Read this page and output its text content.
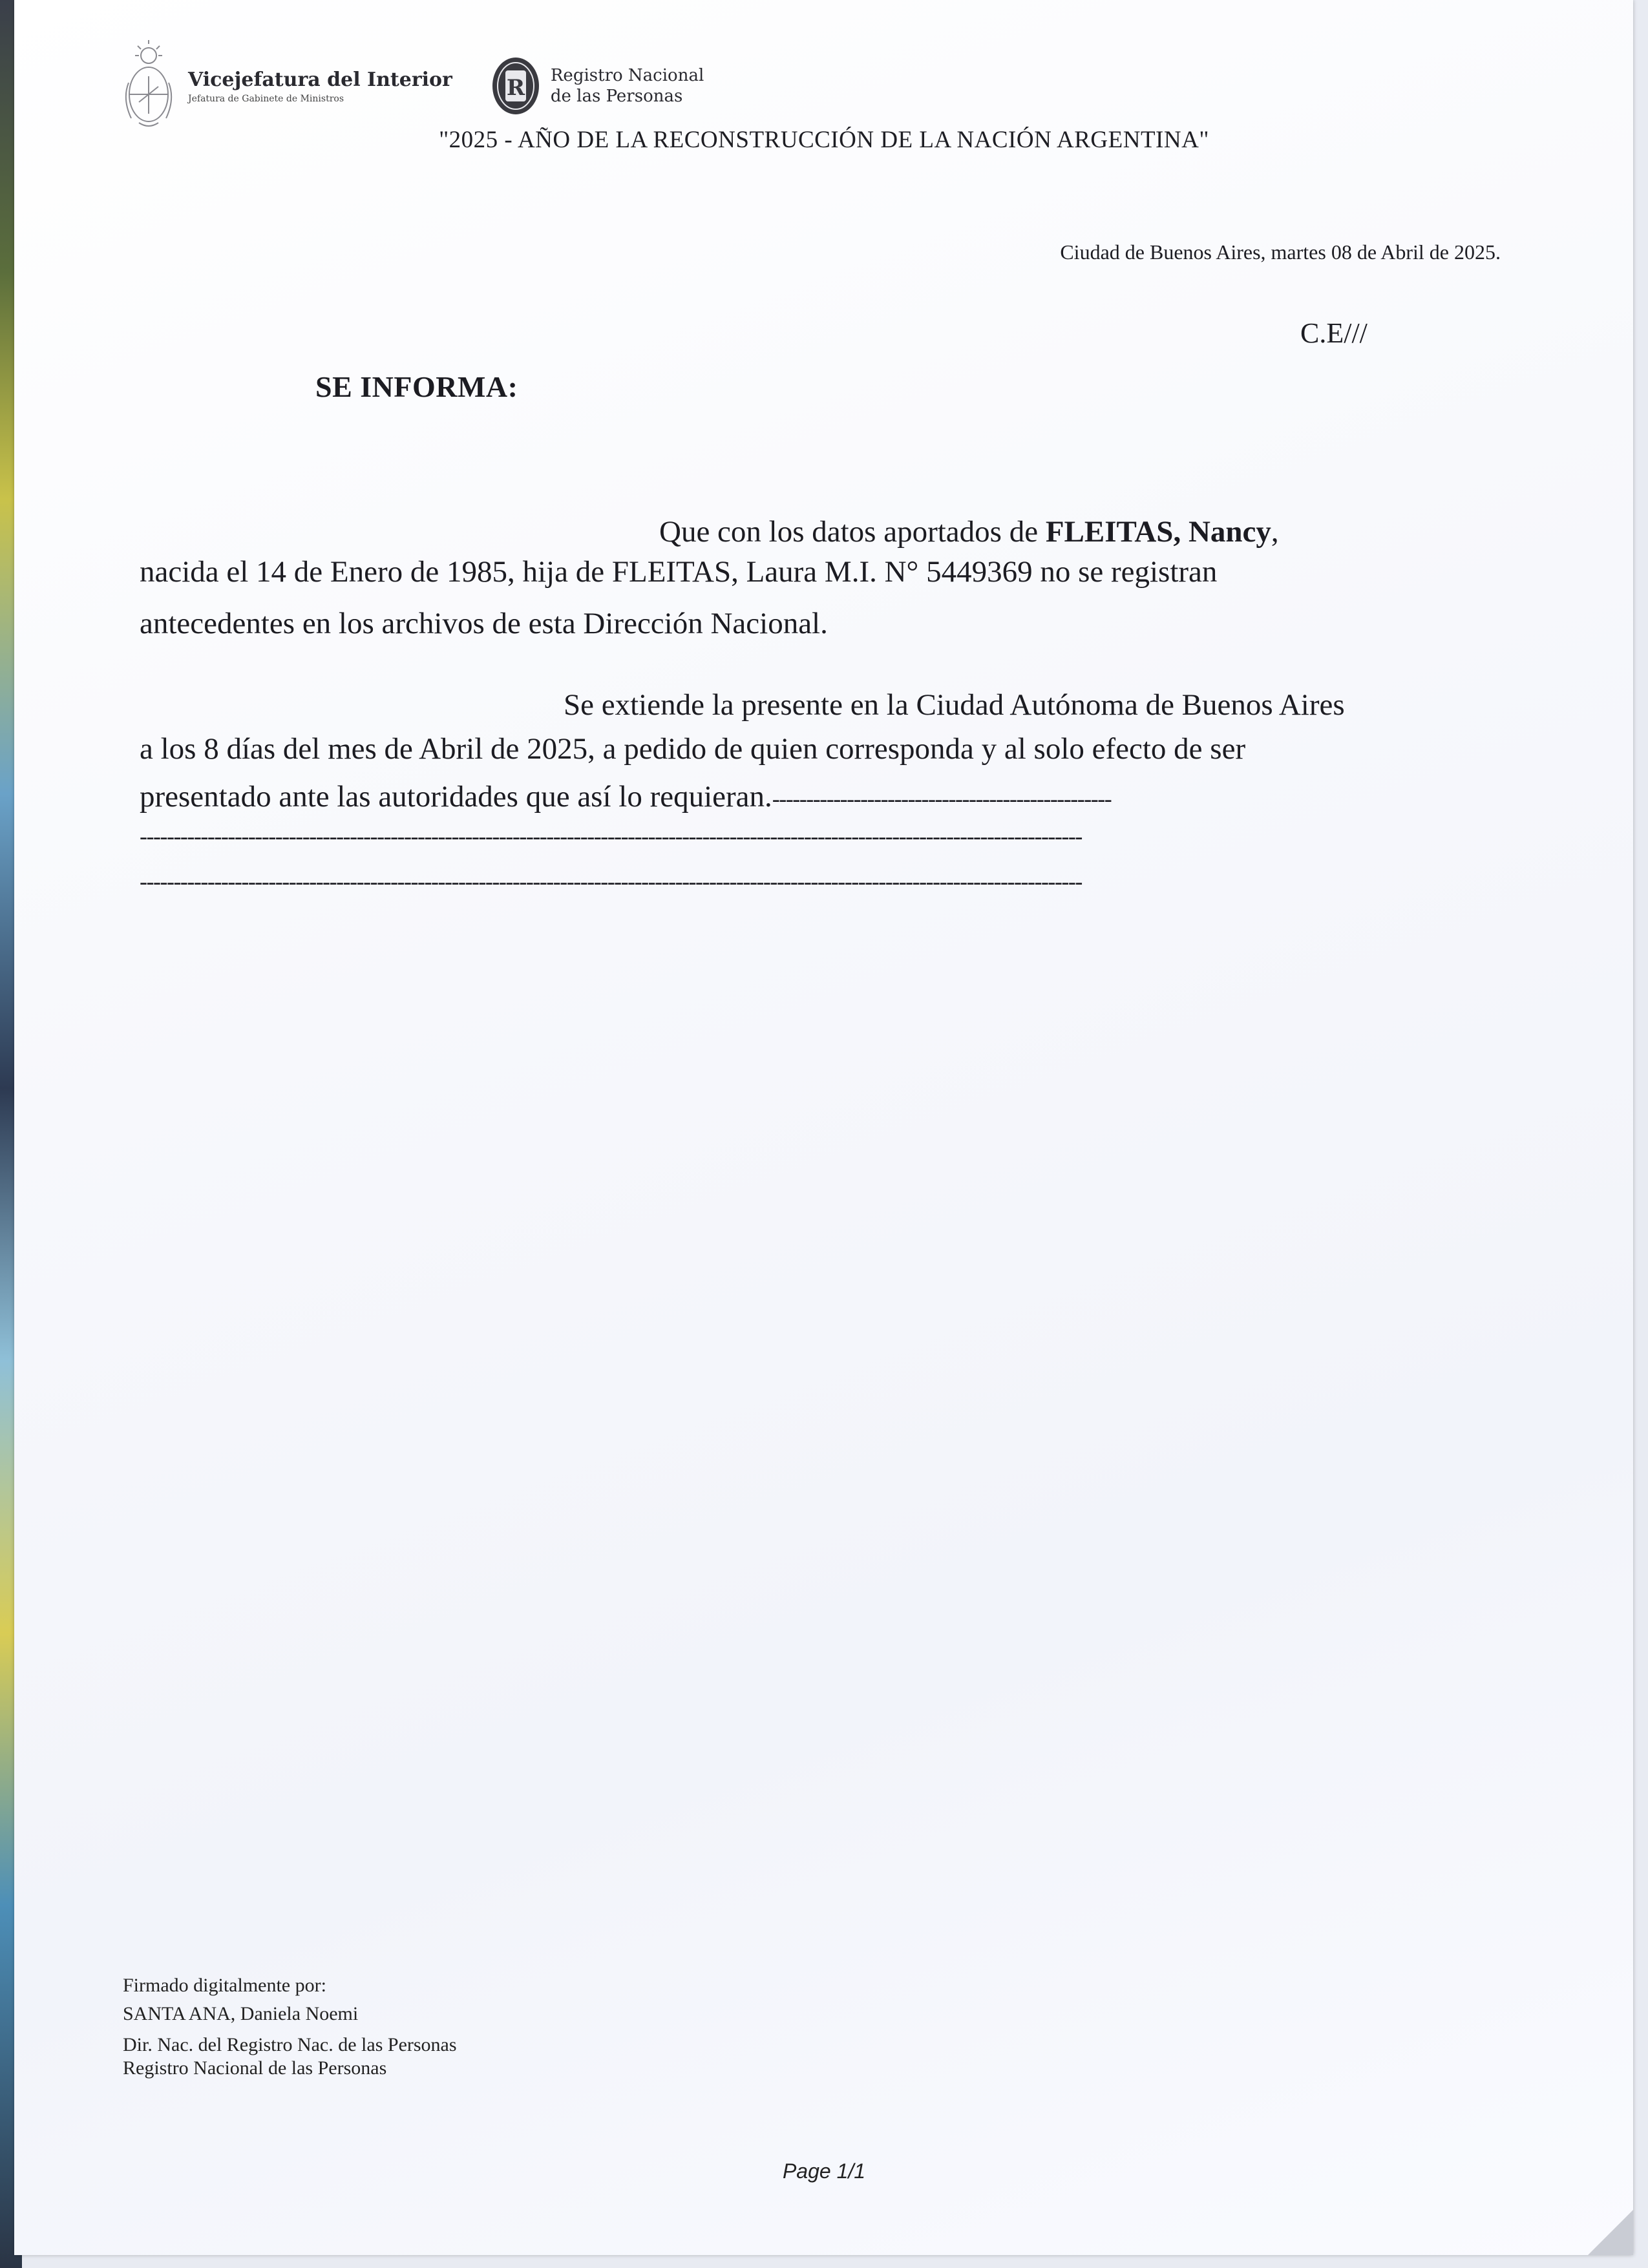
Vicejefatura del Interior
Jefatura de Gabinete de Ministros	R Registro Nacional
de las Personas
"2025 - AÑO DE LA RECONSTRUCCIÓN DE LA NACIÓN ARGENTINA"
Ciudad de Buenos Aires, martes 08 de Abril de 2025.
C.E///
SE INFORMA:
Que con los datos aportados de FLEITAS, Nancy,
nacida el 14 de Enero de 1985, hija de FLEITAS, Laura M.I. N° 5449369 no se registran
antecedentes en los archivos de esta Dirección Nacional.
Se extiende la presente en la Ciudad Autónoma de Buenos Aires
a los 8 días del mes de Abril de 2025, a pedido de quien corresponda y al solo efecto de ser
presentado ante las autoridades que así lo requieran.--------------------------------------------------
-------------------------------------------------------------------------------------------------------------------------------------------
-------------------------------------------------------------------------------------------------------------------------------------------
Firmado digitalmente por:
SANTA ANA, Daniela Noemi
Dir. Nac. del Registro Nac. de las Personas
Registro Nacional de las Personas
Page 1/1
